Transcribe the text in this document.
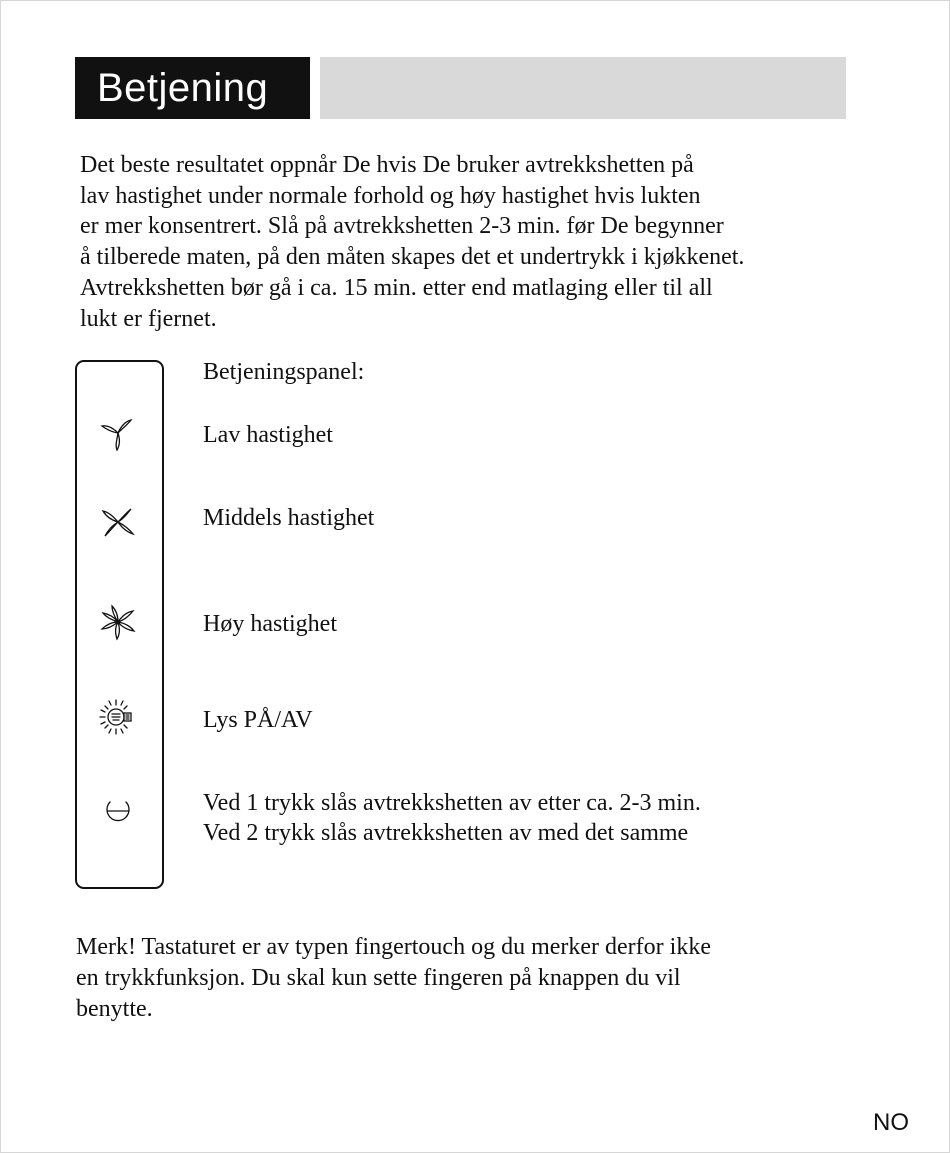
Betjening

Det beste resultatet oppnår De hvis De bruker avtrekkshetten på
lav hastighet under normale forhold og høy hastighet hvis lukten
er mer konsentrert. Slå på avtrekkshetten 2-3 min. før De begynner
å tilberede maten, på den måten skapes det et undertrykk i kjøkkenet.
Avtrekkshetten bør gå i ca. 15 min. etter end matlaging eller til all
lukt er fjernet.

Betjeningspanel:

Lav hastighet

Middels hastighet

Høy hastighet

Lys PÅ/AV

Ved 1 trykk slås avtrekkshetten av etter ca. 2-3 min.

Ved 2 trykk slås avtrekkshetten av med det samme

Merk! Tastaturet er av typen fingertouch og du merker derfor ikke
en trykkfunksjon. Du skal kun sette fingeren på knappen du vil
benytte.

NO
